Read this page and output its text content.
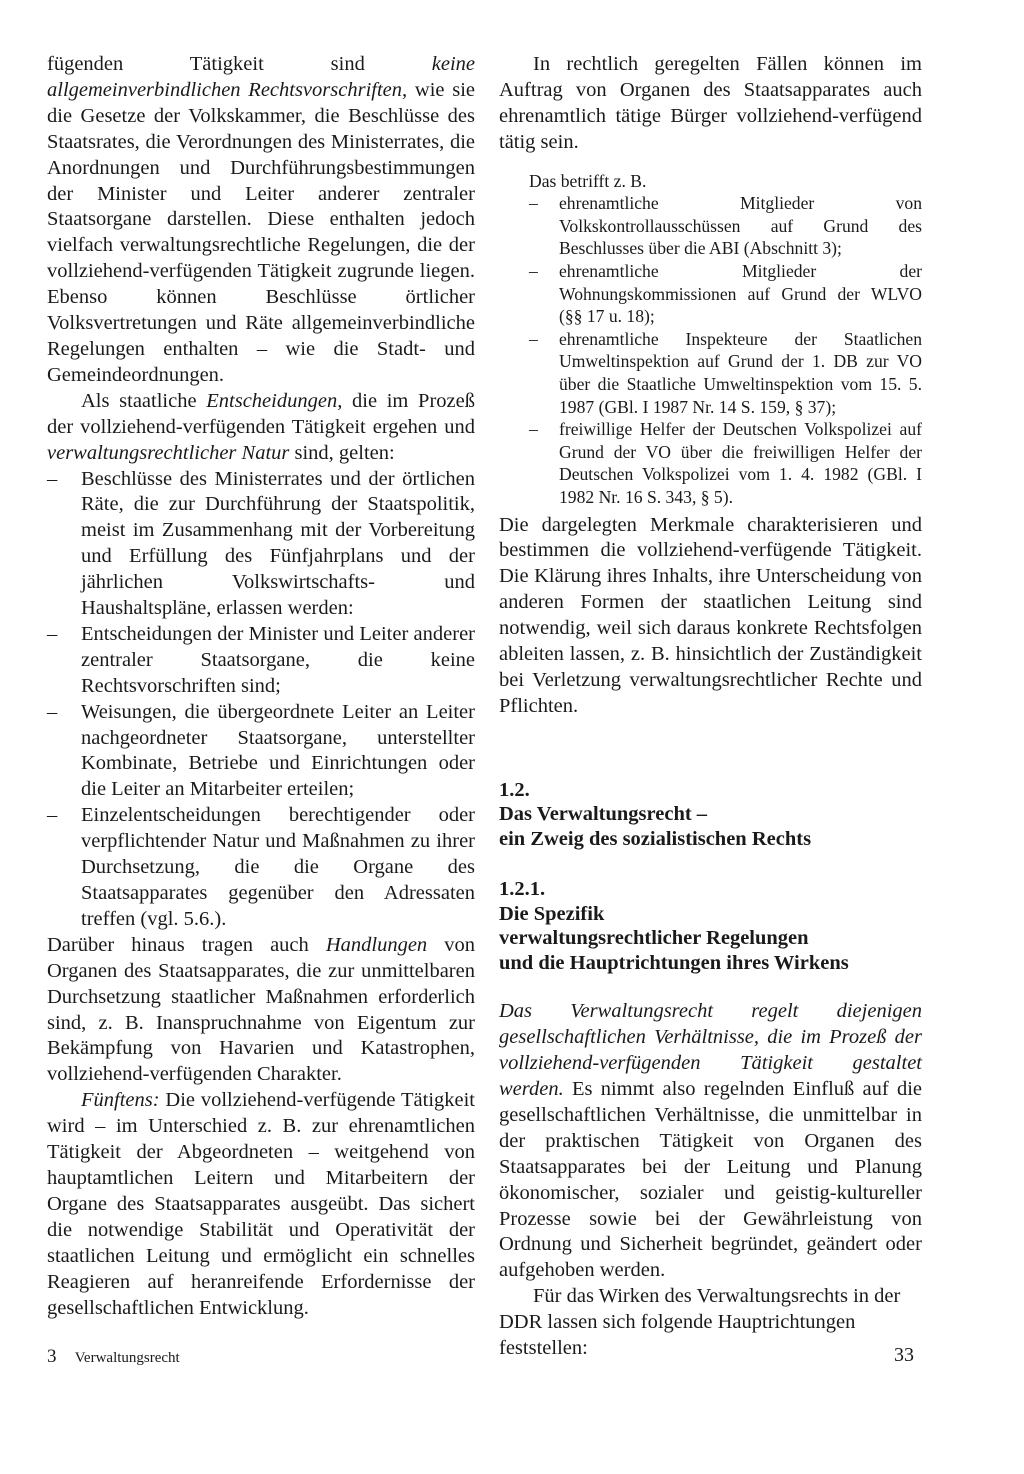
fügenden Tätigkeit sind keine allgemeinverbindlichen Rechtsvorschriften, wie sie die Gesetze der Volkskammer, die Beschlüsse des Staatsrates, die Verordnungen des Ministerrates, die Anordnungen und Durchführungsbestimmungen der Minister und Leiter anderer zentraler Staatsorgane darstellen. Diese enthalten jedoch vielfach verwaltungsrechtliche Regelungen, die der vollziehend-verfügenden Tätigkeit zugrunde liegen. Ebenso können Beschlüsse örtlicher Volksvertretungen und Räte allgemeinverbindliche Regelungen enthalten – wie die Stadt- und Gemeindeordnungen.

Als staatliche Entscheidungen, die im Prozeß der vollziehend-verfügenden Tätigkeit ergehen und verwaltungsrechtlicher Natur sind, gelten:

– Beschlüsse des Ministerrates und der örtlichen Räte, die zur Durchführung der Staatspolitik, meist im Zusammenhang mit der Vorbereitung und Erfüllung des Fünfjahrplans und der jährlichen Volkswirtschafts- und Haushaltspläne, erlassen werden:
– Entscheidungen der Minister und Leiter anderer zentraler Staatsorgane, die keine Rechtsvorschriften sind;
– Weisungen, die übergeordnete Leiter an Leiter nachgeordneter Staatsorgane, unterstellter Kombinate, Betriebe und Einrichtungen oder die Leiter an Mitarbeiter erteilen;
– Einzelentscheidungen berechtigender oder verpflichtender Natur und Maßnahmen zu ihrer Durchsetzung, die die Organe des Staatsapparates gegenüber den Adressaten treffen (vgl. 5.6.).

Darüber hinaus tragen auch Handlungen von Organen des Staatsapparates, die zur unmittelbaren Durchsetzung staatlicher Maßnahmen erforderlich sind, z. B. Inanspruchnahme von Eigentum zur Bekämpfung von Havarien und Katastrophen, vollziehend-verfügenden Charakter.

Fünftens: Die vollziehend-verfügende Tätigkeit wird – im Unterschied z. B. zur ehrenamtlichen Tätigkeit der Abgeordneten – weitgehend von hauptamtlichen Leitern und Mitarbeitern der Organe des Staatsapparates ausgeübt. Das sichert die notwendige Stabilität und Operativität der staatlichen Leitung und ermöglicht ein schnelles Reagieren auf heranreifende Erfordernisse der gesellschaftlichen Entwicklung.

In rechtlich geregelten Fällen können im Auftrag von Organen des Staatsapparates auch ehrenamtlich tätige Bürger vollziehend-verfügend tätig sein.

Das betrifft z. B.

– ehrenamtliche Mitglieder von Volkskontrollausschüssen auf Grund des Beschlusses über die ABI (Abschnitt 3);
– ehrenamtliche Mitglieder der Wohnungskommissionen auf Grund der WLVO (§§ 17 u. 18);
– ehrenamtliche Inspekteure der Staatlichen Umweltinspektion auf Grund der 1. DB zur VO über die Staatliche Umweltinspektion vom 15. 5. 1987 (GBl. I 1987 Nr. 14 S. 159, § 37);
– freiwillige Helfer der Deutschen Volkspolizei auf Grund der VO über die freiwilligen Helfer der Deutschen Volkspolizei vom 1. 4. 1982 (GBl. I 1982 Nr. 16 S. 343, § 5).

Die dargelegten Merkmale charakterisieren und bestimmen die vollziehend-verfügende Tätigkeit. Die Klärung ihres Inhalts, ihre Unterscheidung von anderen Formen der staatlichen Leitung sind notwendig, weil sich daraus konkrete Rechtsfolgen ableiten lassen, z. B. hinsichtlich der Zuständigkeit bei Verletzung verwaltungsrechtlicher Rechte und Pflichten.

1.2.

Das Verwaltungsrecht –

ein Zweig des sozialistischen Rechts

1.2.1.

Die Spezifik

verwaltungsrechtlicher Regelungen

und die Hauptrichtungen ihres Wirkens

Das Verwaltungsrecht regelt diejenigen gesellschaftlichen Verhältnisse, die im Prozeß der vollziehend-verfügenden Tätigkeit gestaltet werden. Es nimmt also regelnden Einfluß auf die gesellschaftlichen Verhältnisse, die unmittelbar in der praktischen Tätigkeit von Organen des Staatsapparates bei der Leitung und Planung ökonomischer, sozialer und geistig-kultureller Prozesse sowie bei der Gewährleistung von Ordnung und Sicherheit begründet, geändert oder aufgehoben werden.

Für das Wirken des Verwaltungsrechts in der DDR lassen sich folgende Hauptrichtungen feststellen:

3 Verwaltungsrecht	33
